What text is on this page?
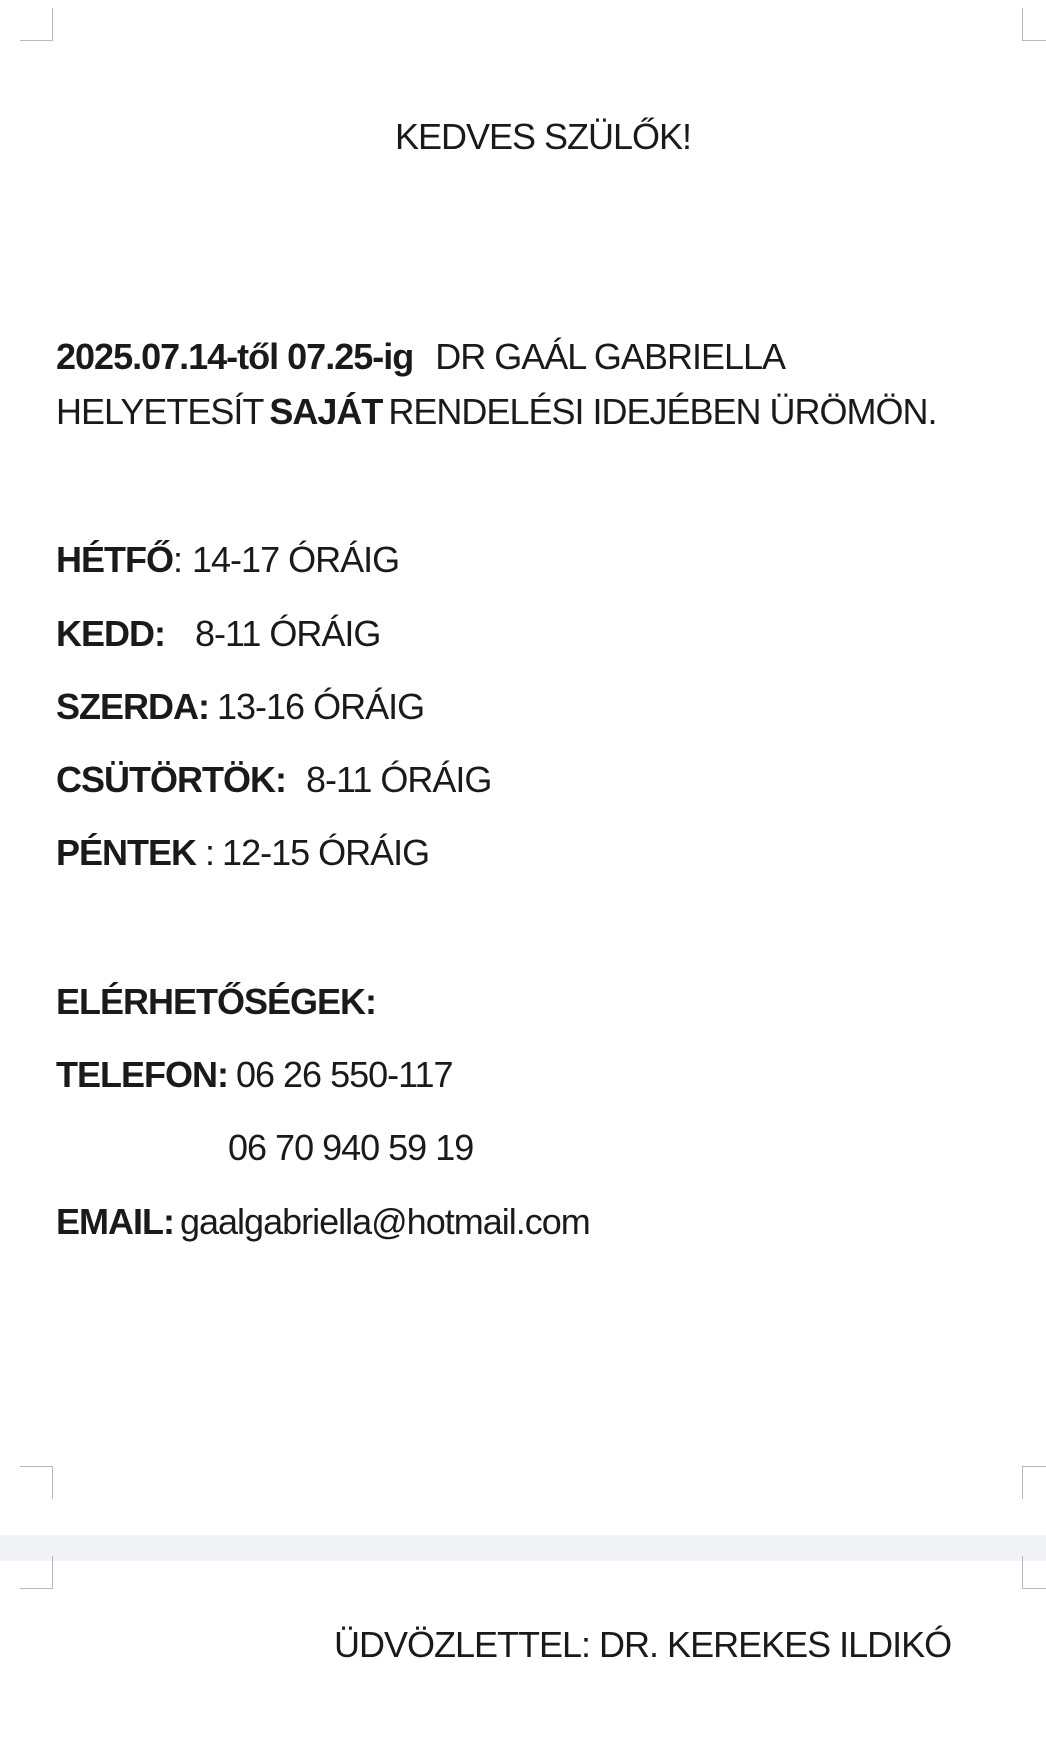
KEDVES SZÜLŐK!
2025.07.14-től 07.25-ig DR GAÁL GABRIELLA
HELYETESÍT SAJÁT RENDELÉSI IDEJÉBEN ÜRÖMÖN.
HÉTFŐ: 14-17 ÓRÁIG
KEDD: 8-11 ÓRÁIG
SZERDA: 13-16 ÓRÁIG
CSÜTÖRTÖK: 8-11 ÓRÁIG
PÉNTEK : 12-15 ÓRÁIG
ELÉRHETŐSÉGEK:
TELEFON: 06 26 550-117
06 70 940 59 19
EMAIL: gaalgabriella@hotmail.com
ÜDVÖZLETTEL: DR. KEREKES ILDIKÓ
